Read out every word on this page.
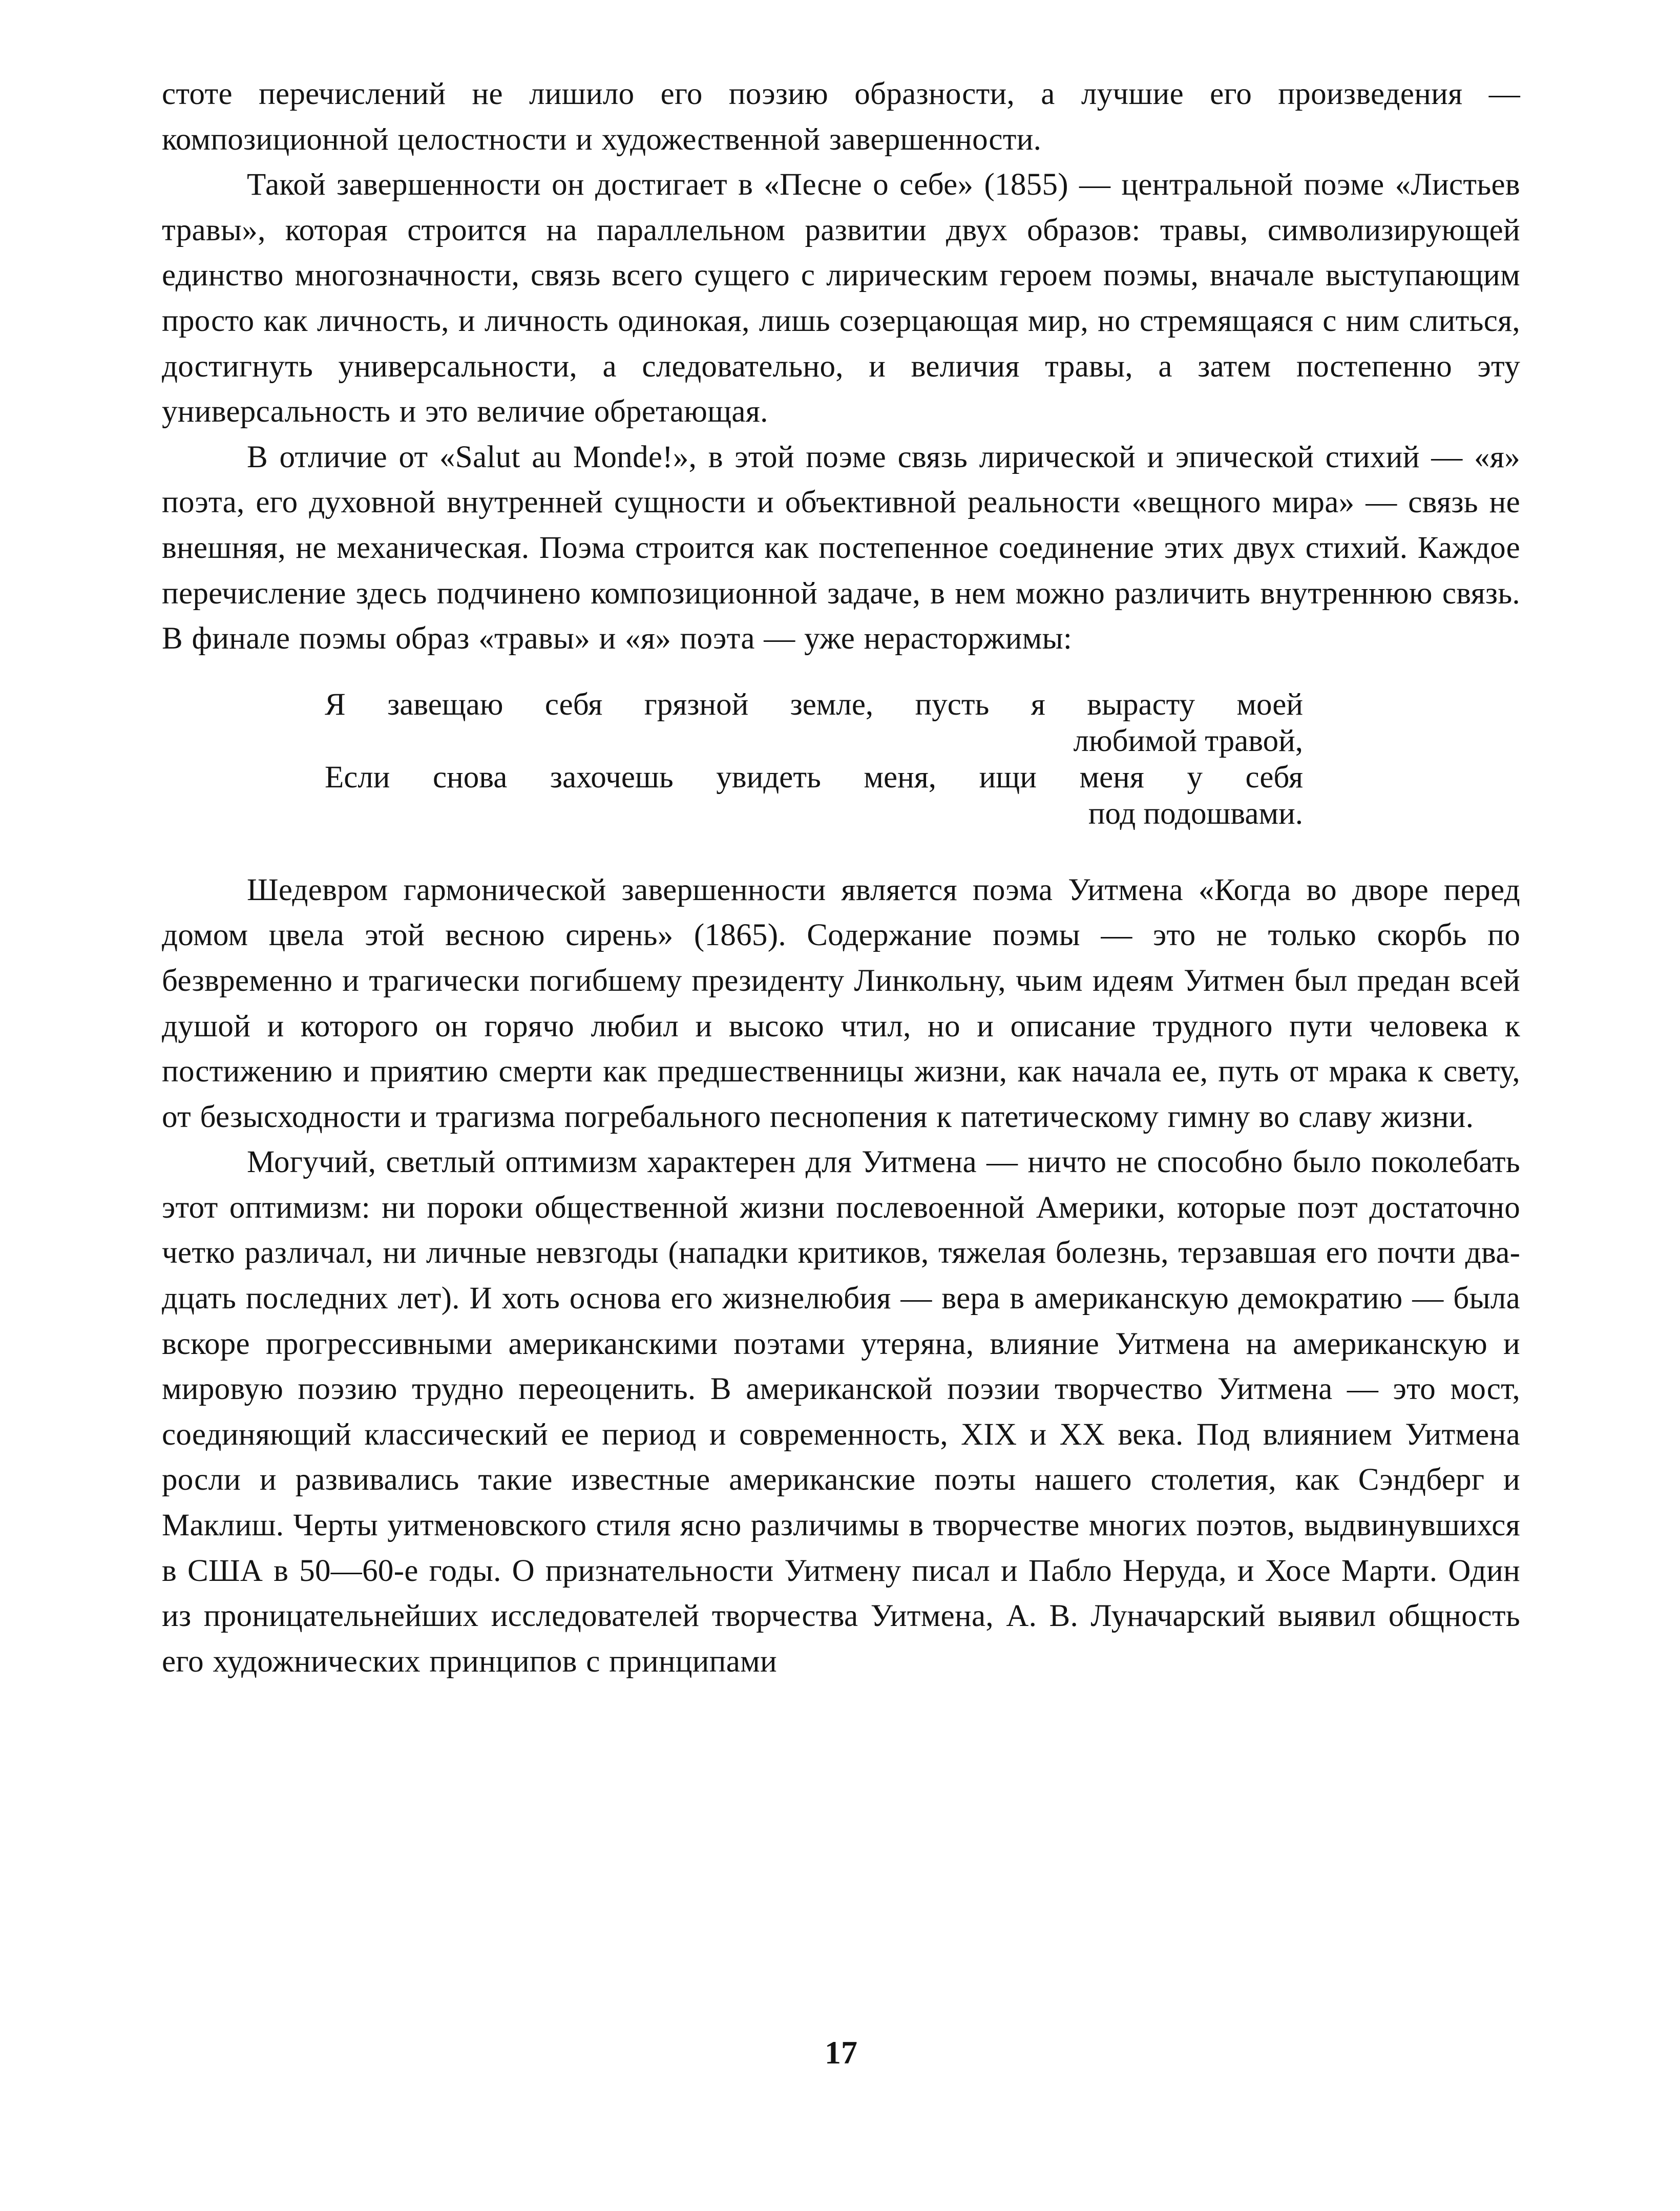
стоте перечислений не лишило его поэзию образности, а лучшие его произведения — композиционной целостности и художественной завершенности.

Такой завершенности он достигает в «Песне о себе» (1855) — центральной поэме «Листьев травы», которая строится на параллельном развитии двух образов: травы, символизирующей единство многозначности, связь всего сущего с лирическим героем поэмы, вначале выступающим просто как личность, и личность одинокая, лишь созерцающая мир, но стремящаяся с ним слиться, достигнуть универсальности, а следовательно, и величия травы, а затем постепенно эту универсальность и это величие обретающая.

В отличие от «Salut au Monde!», в этой поэме связь лирической и эпической стихий — «я» поэта, его духовной внутренней сущности и объективной реальности «вещного мира» — связь не внешняя, не механическая. Поэма строится как постепенное соединение этих двух стихий. Каждое перечисление здесь подчинено композиционной задаче, в нем можно различить внутреннюю связь. В финале поэмы образ «травы» и «я» поэта — уже нерасторжимы:

Я завещаю себя грязной земле, пусть я вырасту моей
любимой травой,
Если снова захочешь увидеть меня, ищи меня у себя
под подошвами.

Шедевром гармонической завершенности является поэма Уитмена «Когда во дворе перед домом цвела этой весною сирень» (1865). Содержание поэмы — это не только скорбь по безвременно и трагически погибшему президенту Линкольну, чьим идеям Уитмен был предан всей душой и которого он горячо любил и высоко чтил, но и описание трудного пути человека к постижению и приятию смерти как предшественницы жизни, как начала ее, путь от мрака к свету, от безысходности и трагизма погребального песнопения к патетическому гимну во славу жизни.

Могучий, светлый оптимизм характерен для Уитмена — ничто не способно было поколебать этот оптимизм: ни пороки общественной жизни послевоенной Америки, которые поэт достаточно четко различал, ни личные невзгоды (нападки критиков, тяжелая болезнь, терзавшая его почти двадцать последних лет). И хоть основа его жизнелюбия — вера в американскую демократию — была вскоре прогрессивными американскими поэтами утеряна, влияние Уитмена на американскую и мировую поэзию трудно переоценить. В американской поэзии творчество Уитмена — это мост, соединяющий классический ее период и современность, XIX и XX века. Под влиянием Уитмена росли и развивались такие известные американские поэты нашего столетия, как Сэндберг и Маклиш. Черты уитменовского стиля ясно различимы в творчестве многих поэтов, выдвинувшихся в США в 50—60-е годы. О признательности Уитмену писал и Пабло Неруда, и Хосе Марти. Один из проницательнейших исследователей творчества Уитмена, А. В. Луначарский выявил общность его художнических принципов с принципами

17
